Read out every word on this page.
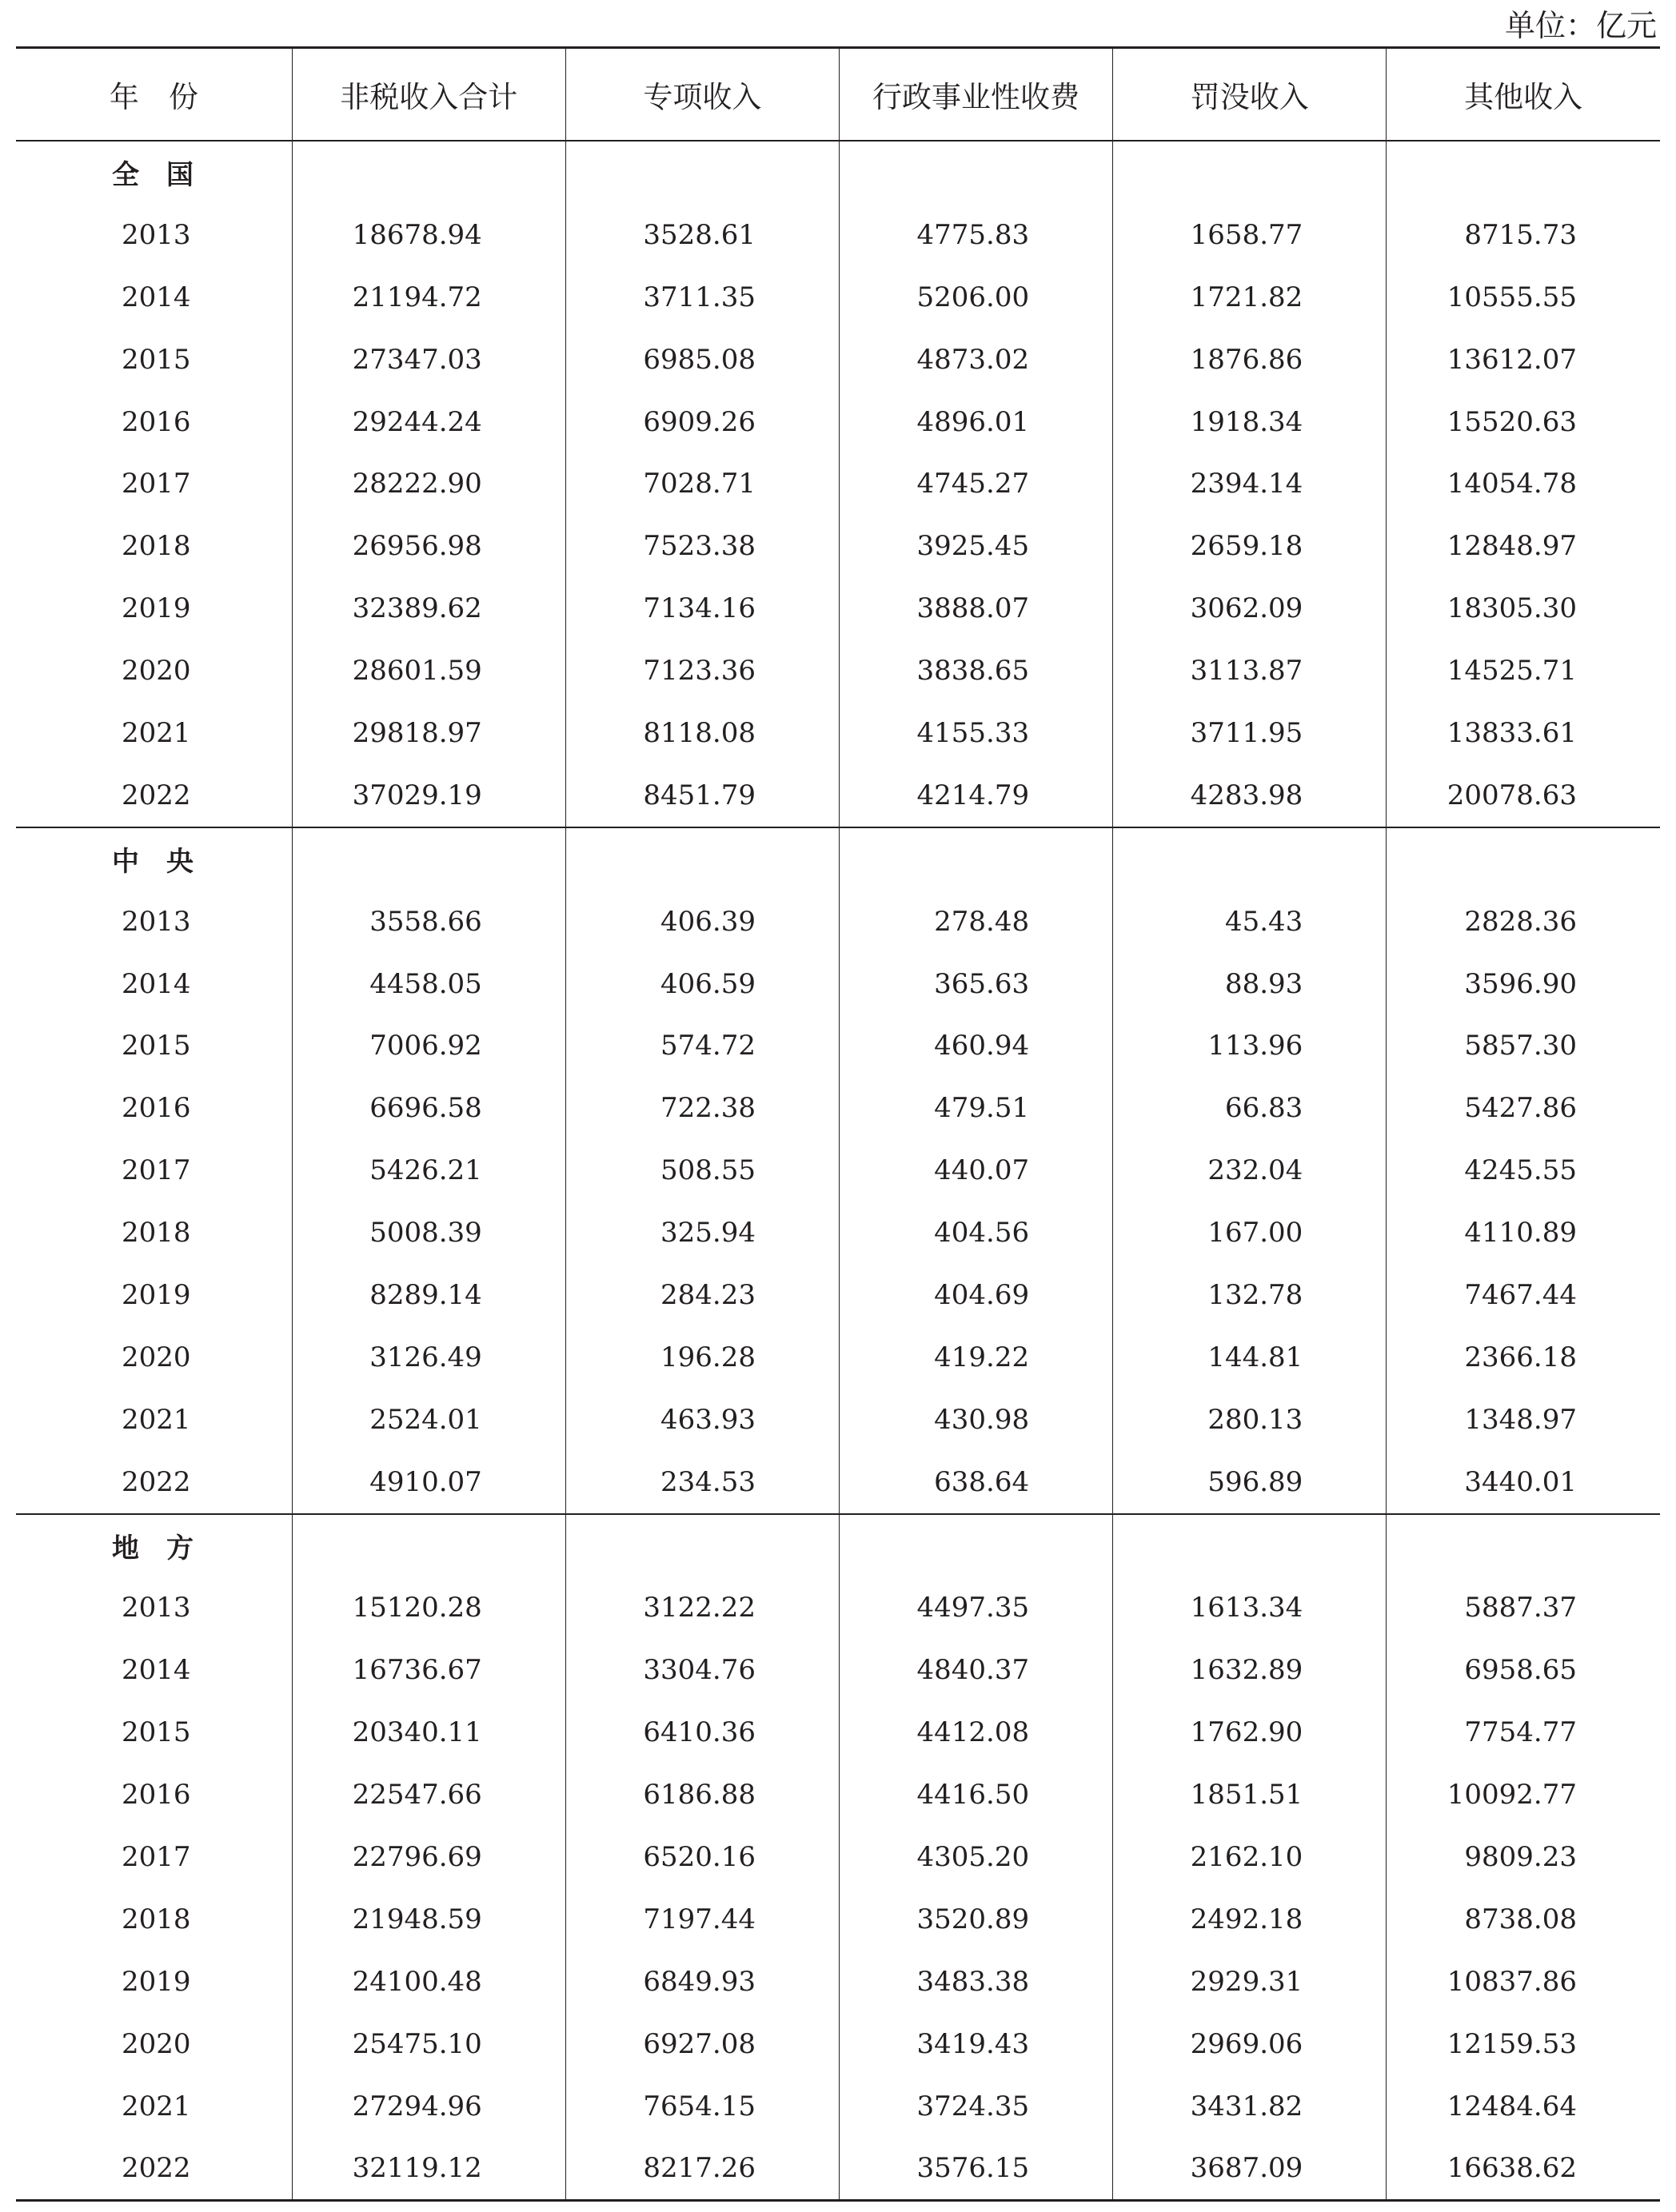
单位：亿元
年　份	非税收入合计	专项收入	行政事业性收费	罚没收入	其他收入
全　国					
2013	18678.94	3528.61	4775.83	1658.77	8715.73
2014	21194.72	3711.35	5206.00	1721.82	10555.55
2015	27347.03	6985.08	4873.02	1876.86	13612.07
2016	29244.24	6909.26	4896.01	1918.34	15520.63
2017	28222.90	7028.71	4745.27	2394.14	14054.78
2018	26956.98	7523.38	3925.45	2659.18	12848.97
2019	32389.62	7134.16	3888.07	3062.09	18305.30
2020	28601.59	7123.36	3838.65	3113.87	14525.71
2021	29818.97	8118.08	4155.33	3711.95	13833.61
2022	37029.19	8451.79	4214.79	4283.98	20078.63
中　央					
2013	3558.66	406.39	278.48	45.43	2828.36
2014	4458.05	406.59	365.63	88.93	3596.90
2015	7006.92	574.72	460.94	113.96	5857.30
2016	6696.58	722.38	479.51	66.83	5427.86
2017	5426.21	508.55	440.07	232.04	4245.55
2018	5008.39	325.94	404.56	167.00	4110.89
2019	8289.14	284.23	404.69	132.78	7467.44
2020	3126.49	196.28	419.22	144.81	2366.18
2021	2524.01	463.93	430.98	280.13	1348.97
2022	4910.07	234.53	638.64	596.89	3440.01
地　方					
2013	15120.28	3122.22	4497.35	1613.34	5887.37
2014	16736.67	3304.76	4840.37	1632.89	6958.65
2015	20340.11	6410.36	4412.08	1762.90	7754.77
2016	22547.66	6186.88	4416.50	1851.51	10092.77
2017	22796.69	6520.16	4305.20	2162.10	9809.23
2018	21948.59	7197.44	3520.89	2492.18	8738.08
2019	24100.48	6849.93	3483.38	2929.31	10837.86
2020	25475.10	6927.08	3419.43	2969.06	12159.53
2021	27294.96	7654.15	3724.35	3431.82	12484.64
2022	32119.12	8217.26	3576.15	3687.09	16638.62
